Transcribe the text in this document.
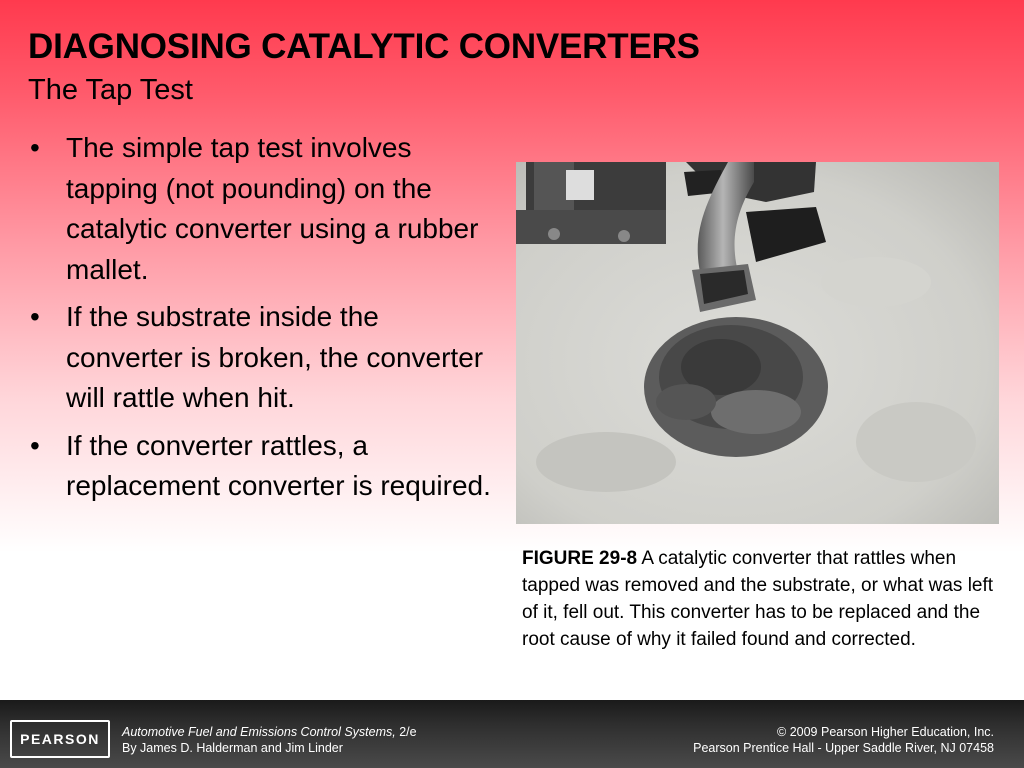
DIAGNOSING CATALYTIC CONVERTERS
The Tap Test
• The simple tap test involves tapping (not pounding) on the catalytic converter using a rubber mallet.
• If the substrate inside the converter is broken, the converter will rattle when hit.
• If the converter rattles, a replacement converter is required.
FIGURE 29-8 A catalytic converter that rattles when tapped was removed and the substrate, or what was left of it, fell out. This converter has to be replaced and the root cause of why it failed found and corrected.
PEARSON	Automotive Fuel and Emissions Control Systems, 2/e
By James D. Halderman and Jim Linder
© 2009 Pearson Higher Education, Inc.
Pearson Prentice Hall - Upper Saddle River, NJ 07458
